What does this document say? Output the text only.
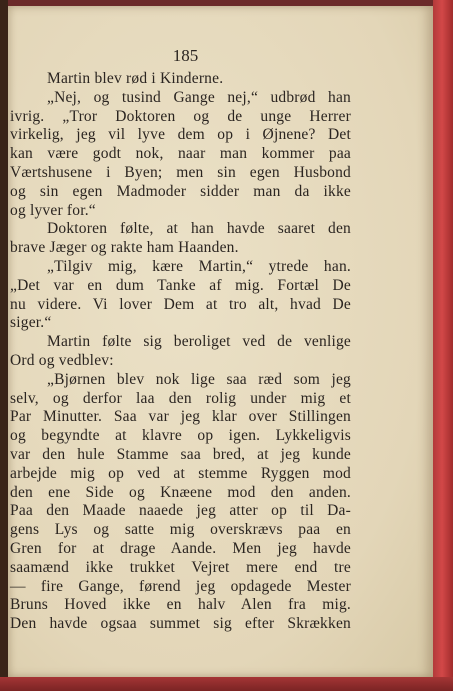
185
Martin blev rød i Kinderne.
„Nej, og tusind Gange nej,“ udbrød han
ivrig. „Tror Doktoren og de unge Herrer
virkelig, jeg vil lyve dem op i Øjnene? Det
kan være godt nok, naar man kommer paa
Værtshusene i Byen; men sin egen Husbond
og sin egen Madmoder sidder man da ikke
og lyver for.“
Doktoren følte, at han havde saaret den
brave Jæger og rakte ham Haanden.
„Tilgiv mig, kære Martin,“ ytrede han.
„Det var en dum Tanke af mig. Fortæl De
nu videre. Vi lover Dem at tro alt, hvad De
siger.“
Martin følte sig beroliget ved de venlige
Ord og vedblev:
„Bjørnen blev nok lige saa ræd som jeg
selv, og derfor laa den rolig under mig et
Par Minutter. Saa var jeg klar over Stillingen
og begyndte at klavre op igen. Lykkeligvis
var den hule Stamme saa bred, at jeg kunde
arbejde mig op ved at stemme Ryggen mod
den ene Side og Knæene mod den anden.
Paa den Maade naaede jeg atter op til Da-
gens Lys og satte mig overskrævs paa en
Gren for at drage Aande. Men jeg havde
saamænd ikke trukket Vejret mere end tre
— fire Gange, førend jeg opdagede Mester
Bruns Hoved ikke en halv Alen fra mig.
Den havde ogsaa summet sig efter Skrækken
